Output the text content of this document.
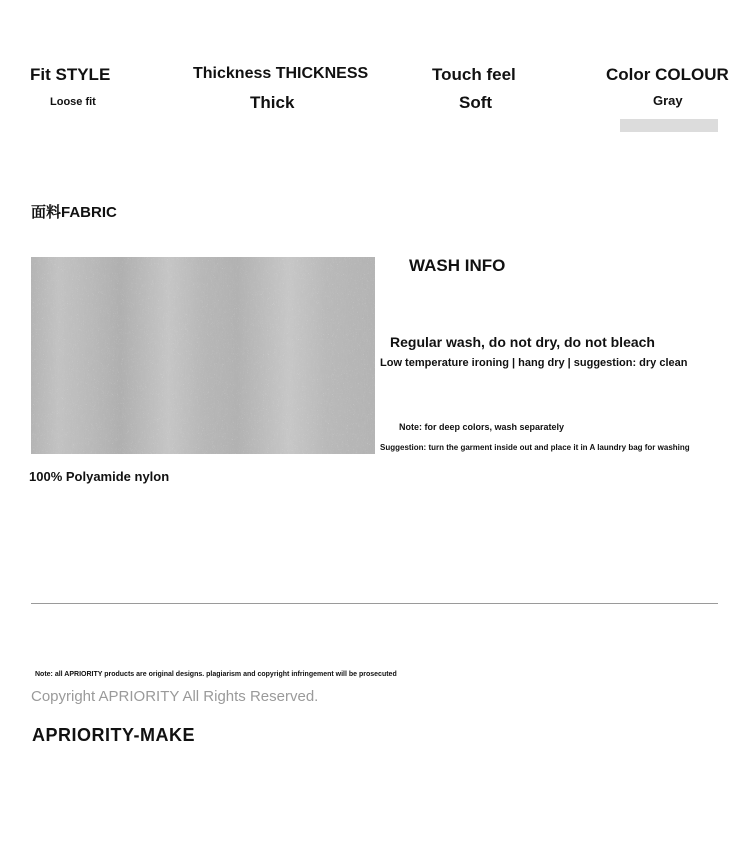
Fit STYLE
Loose fit
Thickness THICKNESS
Thick
Touch feel
Soft
Color COLOUR
Gray
面料FABRIC
100% Polyamide nylon
WASH INFO
Regular wash, do not dry, do not bleach
Low temperature ironing | hang dry | suggestion: dry clean
Note: for deep colors, wash separately
Suggestion: turn the garment inside out and place it in A laundry bag for washing
Note: all APRIORITY products are original designs. plagiarism and copyright infringement will be prosecuted
Copyright APRIORITY All Rights Reserved.
APRIORITY-MAKE
